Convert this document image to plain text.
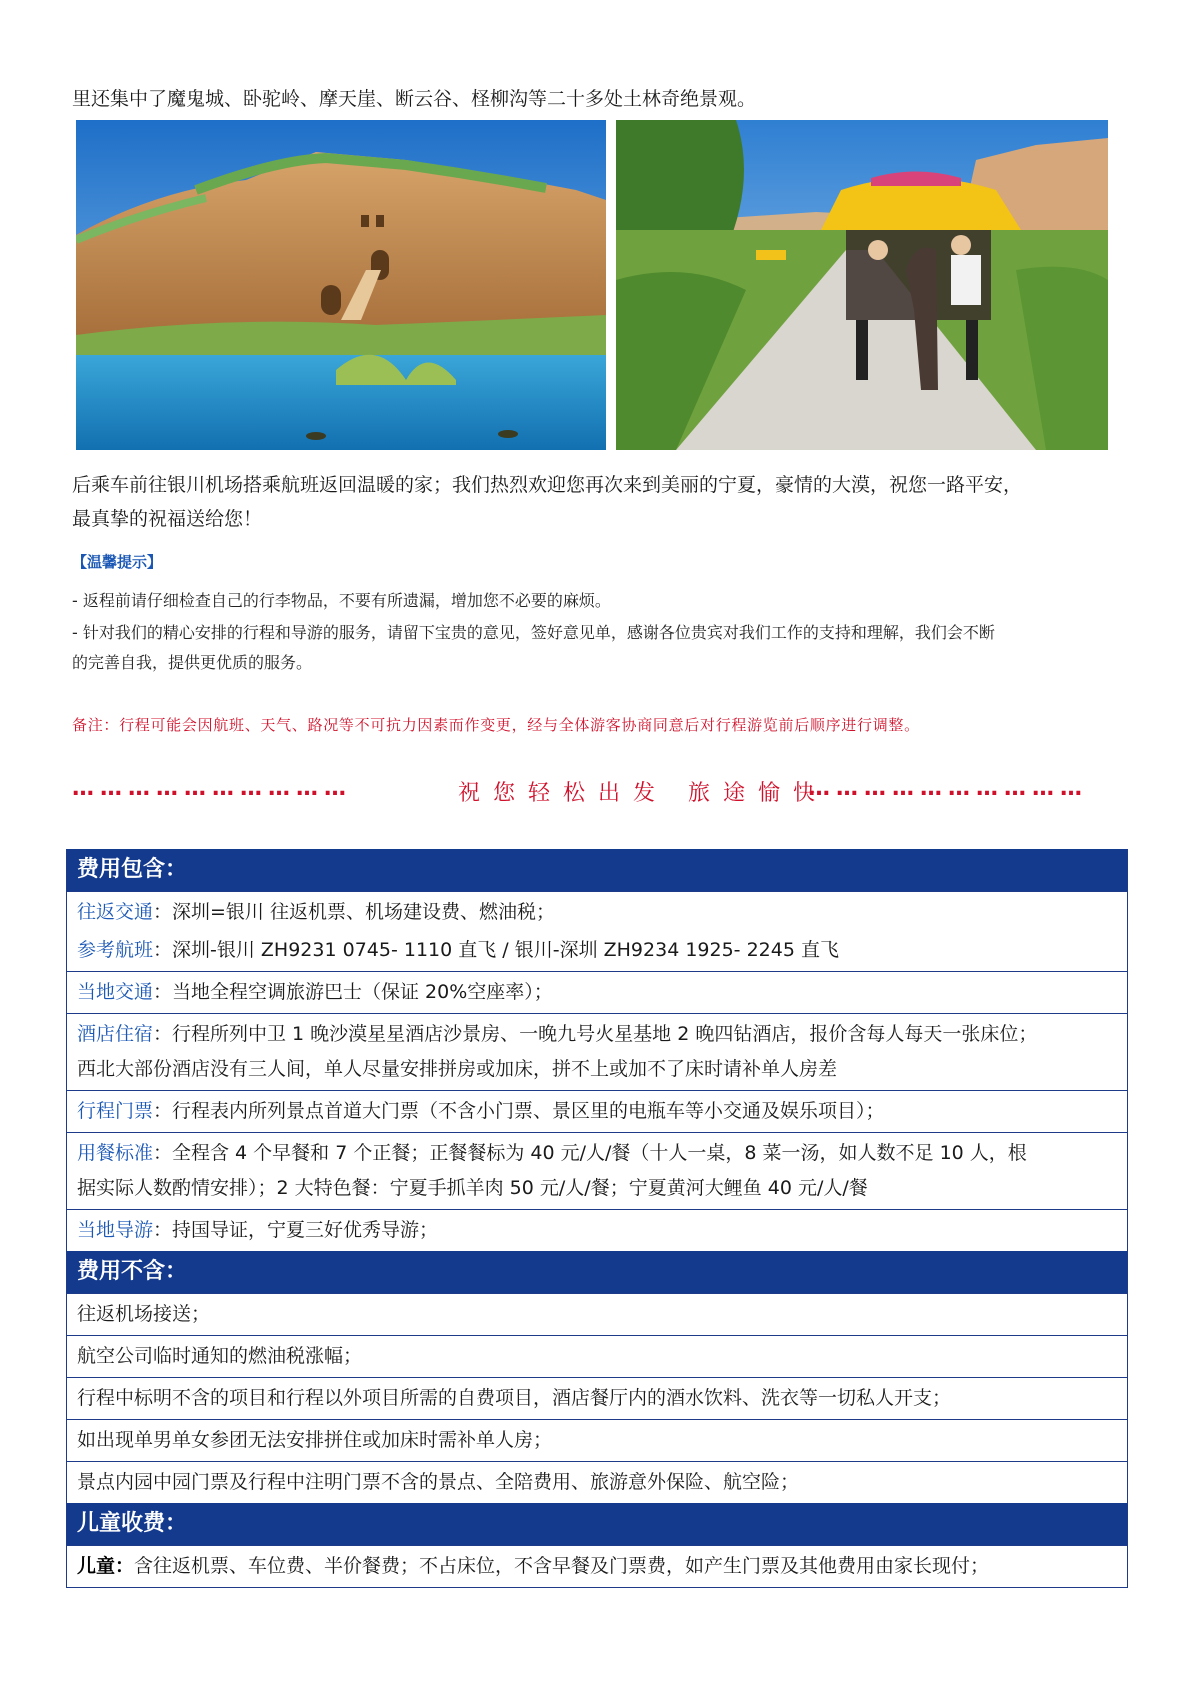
里还集中了魔鬼城、卧驼岭、摩天崖、断云谷、柽柳沟等二十多处土林奇绝景观。
后乘车前往银川机场搭乘航班返回温暖的家；我们热烈欢迎您再次来到美丽的宁夏，豪情的大漠，祝您一路平安，
最真挚的祝福送给您！
【温馨提示】
- 返程前请仔细检查自己的行李物品，不要有所遗漏，增加您不必要的麻烦。
- 针对我们的精心安排的行程和导游的服务，请留下宝贵的意见，签好意见单，感谢各位贵宾对我们工作的支持和理解，我们会不断
的完善自我，提供更优质的服务。
备注：行程可能会因航班、天气、路况等不可抗力因素而作变更，经与全体游客协商同意后对行程游览前后顺序进行调整。
…………………………	祝您轻松出发 旅途愉快
…………………………
费用包含：
往返交通：深圳=银川 往返机票、机场建设费、燃油税；
参考航班：深圳-银川 ZH9231 0745- 1110 直飞 / 银川-深圳 ZH9234 1925- 2245 直飞
当地交通：当地全程空调旅游巴士（保证 20%空座率）；
酒店住宿：行程所列中卫 1 晚沙漠星星酒店沙景房、一晚九号火星基地 2 晚四钻酒店，报价含每人每天一张床位；
西北大部份酒店没有三人间，单人尽量安排拼房或加床，拼不上或加不了床时请补单人房差
行程门票：行程表内所列景点首道大门票（不含小门票、景区里的电瓶车等小交通及娱乐项目）；
用餐标准：全程含 4 个早餐和 7 个正餐；正餐餐标为 40 元/人/餐（十人一桌，8 菜一汤，如人数不足 10 人，根
据实际人数酌情安排）；2 大特色餐：宁夏手抓羊肉 50 元/人/餐；宁夏黄河大鲤鱼 40 元/人/餐
当地导游：持国导证，宁夏三好优秀导游；
费用不含：
往返机场接送；
航空公司临时通知的燃油税涨幅；
行程中标明不含的项目和行程以外项目所需的自费项目，酒店餐厅内的酒水饮料、洗衣等一切私人开支；
如出现单男单女参团无法安排拼住或加床时需补单人房；
景点内园中园门票及行程中注明门票不含的景点、全陪费用、旅游意外保险、航空险；
儿童收费：
儿童：含往返机票、车位费、半价餐费；不占床位，不含早餐及门票费，如产生门票及其他费用由家长现付；
